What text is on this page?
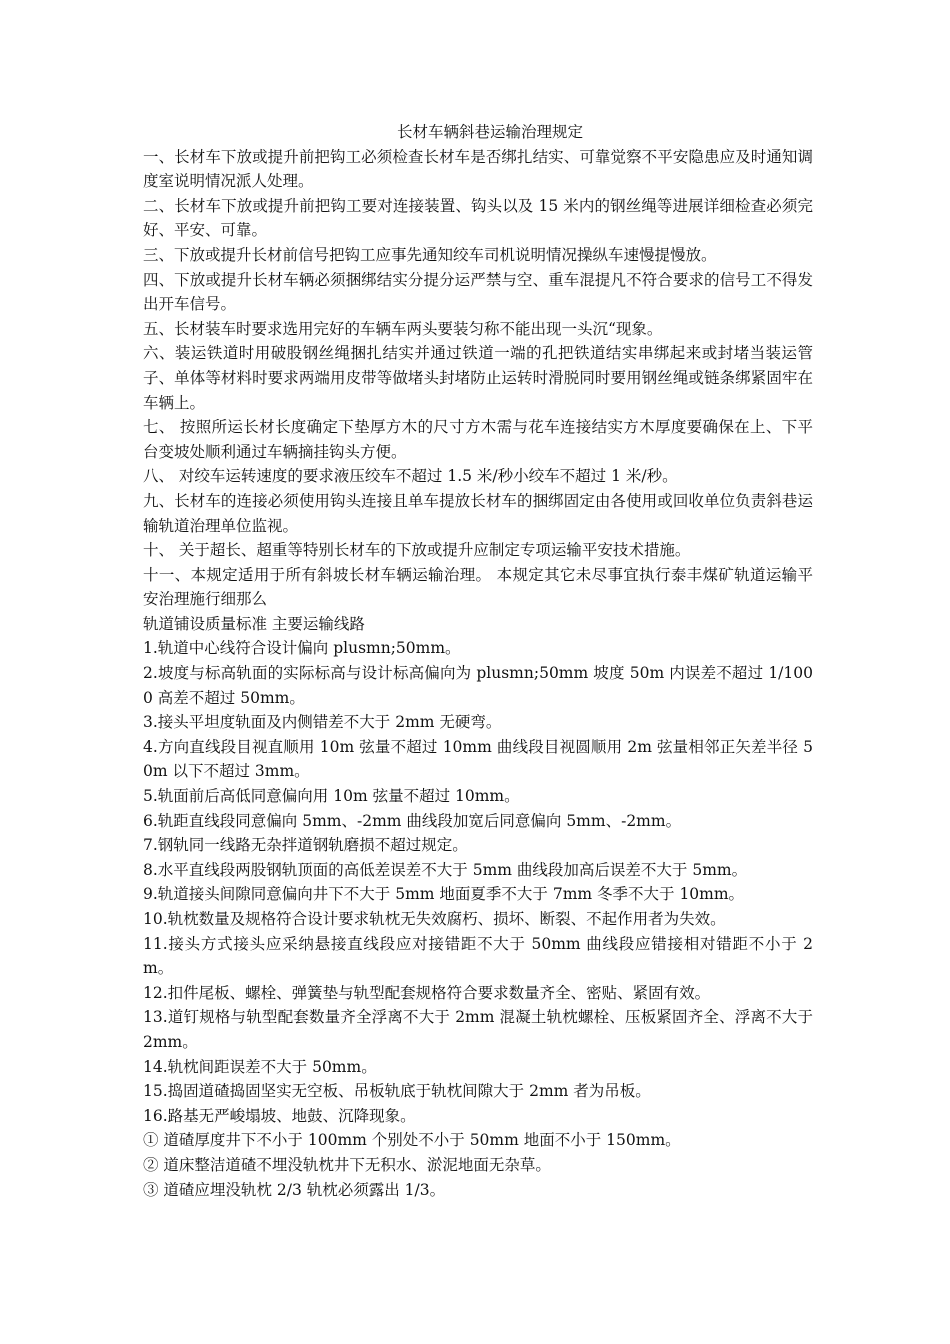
长材车辆斜巷运输治理规定

一、长材车下放或提升前把钩工必须检查长材车是否绑扎结实、可靠觉察不平安隐患应及时通知调度室说明情况派人处理。

二、长材车下放或提升前把钩工要对连接装置、钩头以及 15 米内的钢丝绳等进展详细检查必须完好、平安、可靠。

三、下放或提升长材前信号把钩工应事先通知绞车司机说明情况操纵车速慢提慢放。

四、下放或提升长材车辆必须捆绑结实分提分运严禁与空、重车混提凡不符合要求的信号工不得发出开车信号。

五、长材装车时要求选用完好的车辆车两头要装匀称不能出现一头沉“现象。

六、装运铁道时用破股钢丝绳捆扎结实并通过铁道一端的孔把铁道结实串绑起来或封堵当装运管子、单体等材料时要求两端用皮带等做堵头封堵防止运转时滑脱同时要用钢丝绳或链条绑紧固牢在车辆上。

七、 按照所运长材长度确定下垫厚方木的尺寸方木需与花车连接结实方木厚度要确保在上、下平台变坡处顺利通过车辆摘挂钩头方便。

八、 对绞车运转速度的要求液压绞车不超过 1.5 米/秒小绞车不超过 1 米/秒。

九、长材车的连接必须使用钩头连接且单车提放长材车的捆绑固定由各使用或回收单位负责斜巷运输轨道治理单位监视。

十、 关于超长、超重等特别长材车的下放或提升应制定专项运输平安技术措施。

十一、本规定适用于所有斜坡长材车辆运输治理。 本规定其它未尽事宜执行泰丰煤矿轨道运输平安治理施行细那么

轨道铺设质量标准 主要运输线路

1.轨道中心线符合设计偏向 plusmn;50mm。

2.坡度与标高轨面的实际标高与设计标高偏向为 plusmn;50mm 坡度 50m 内误差不超过 1/1000 高差不超过 50mm。

3.接头平坦度轨面及内侧错差不大于 2mm 无硬弯。

4.方向直线段目视直顺用 10m 弦量不超过 10mm 曲线段目视圆顺用 2m 弦量相邻正矢差半径 50m 以下不超过 3mm。

5.轨面前后高低同意偏向用 10m 弦量不超过 10mm。

6.轨距直线段同意偏向 5mm、-2mm 曲线段加宽后同意偏向 5mm、-2mm。

7.钢轨同一线路无杂拌道钢轨磨损不超过规定。

8.水平直线段两股钢轨顶面的高低差误差不大于 5mm 曲线段加高后误差不大于 5mm。

9.轨道接头间隙同意偏向井下不大于 5mm 地面夏季不大于 7mm 冬季不大于 10mm。

10.轨枕数量及规格符合设计要求轨枕无失效腐朽、损坏、断裂、不起作用者为失效。

11.接头方式接头应采纳悬接直线段应对接错距不大于 50mm 曲线段应错接相对错距不小于 2m。

12.扣件尾板、螺栓、弹簧垫与轨型配套规格符合要求数量齐全、密贴、紧固有效。

13.道钉规格与轨型配套数量齐全浮离不大于 2mm 混凝土轨枕螺栓、压板紧固齐全、浮离不大于 2mm。

14.轨枕间距误差不大于 50mm。

15.捣固道碴捣固坚实无空板、吊板轨底于轨枕间隙大于 2mm 者为吊板。

16.路基无严峻塌坡、地鼓、沉降现象。

① 道碴厚度井下不小于 100mm 个别处不小于 50mm 地面不小于 150mm。

② 道床整洁道碴不埋没轨枕井下无积水、淤泥地面无杂草。

③ 道碴应埋没轨枕 2/3 轨枕必须露出 1/3。
